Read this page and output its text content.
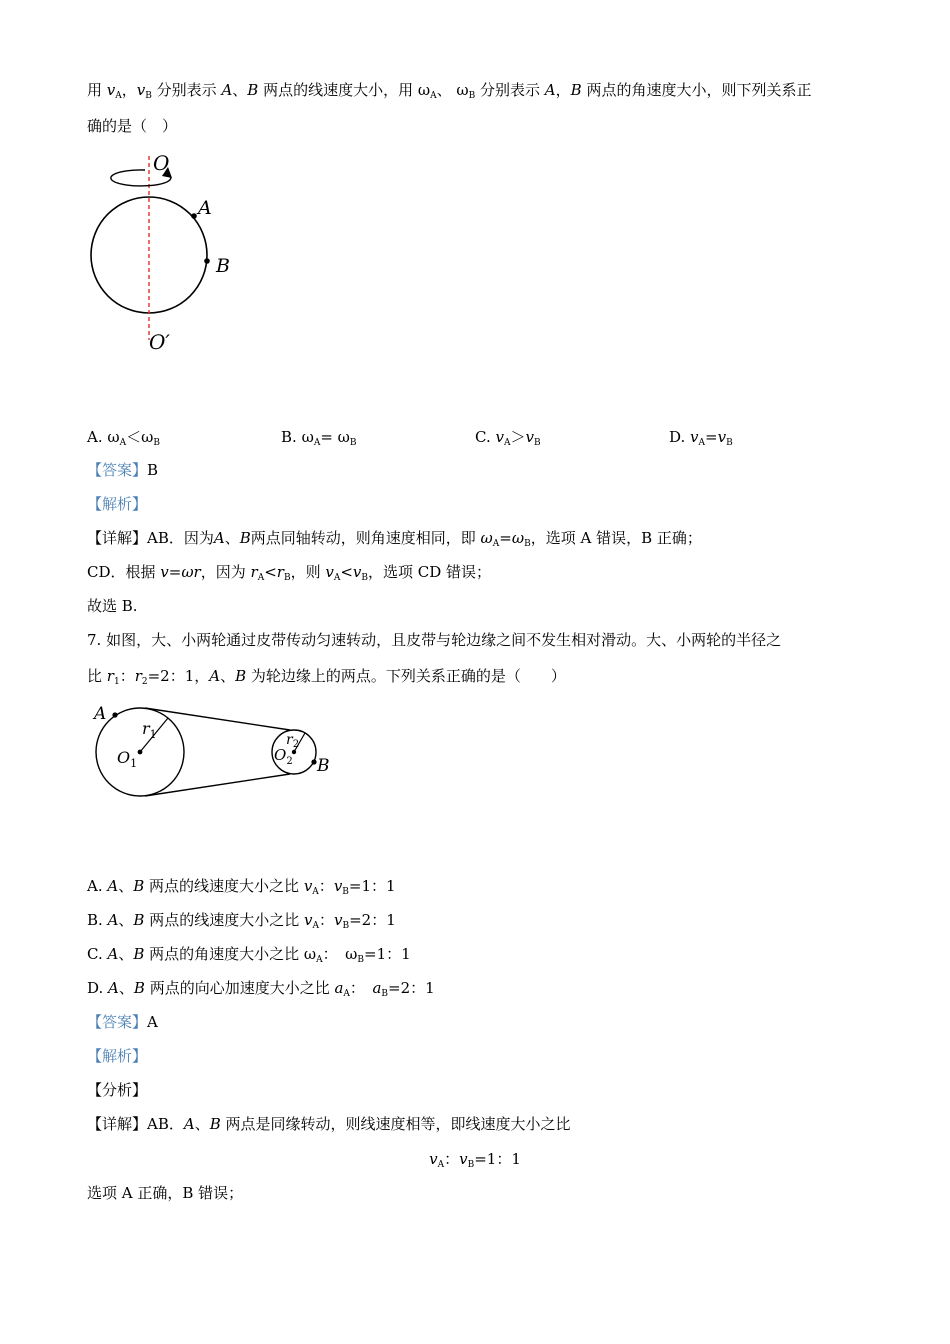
用 $v_A$，$v_B$ 分别表示 A、B 两点的线速度大小，用 $\omega_A$、 $\omega_B$ 分别表示 A，B 两点的角速度大小，则下列关系正
确的是（　）
O
O′
A
B
A. $\omega_A<\omega_B$	B. $\omega_A= \omega_B$	C. $v_A>v_B$	D. $v_A=v_B$
【答案】B
【解析】
【详解】AB．因为A、B两点同轴转动，则角速度相同，即 $\omega_A=\omega_B$，选项 A 错误，B 正确；
CD．根据 v=ωr，因为 $r_A<r_B$，则 $v_A<v_B$，选项 CD 错误；
故选 B.
7. 如图，大、小两轮通过皮带传动匀速转动，且皮带与轮边缘之间不发生相对滑动。大、小两轮的半径之
比 $r_1$：$r_2=2$：1，A、B 为轮边缘上的两点。下列关系正确的是（　　）
A
B
$r_1$
$O_1$
$r_2$
$O_2$
A. A、B 两点的线速度大小之比 $v_A$：$v_B=1$：1
B. A、B 两点的线速度大小之比 $v_A$：$v_B=2$：1
C. A、B 两点的角速度大小之比 $\omega_A$：　$\omega_B=1$：1
D. A、B 两点的向心加速度大小之比 $a_A$：　$a_B=2$：1
【答案】A
【解析】
【分析】
【详解】AB．A、B 两点是同缘转动，则线速度相等，即线速度大小之比
$v_A$：$v_B=1$：1
选项 A 正确，B 错误；
